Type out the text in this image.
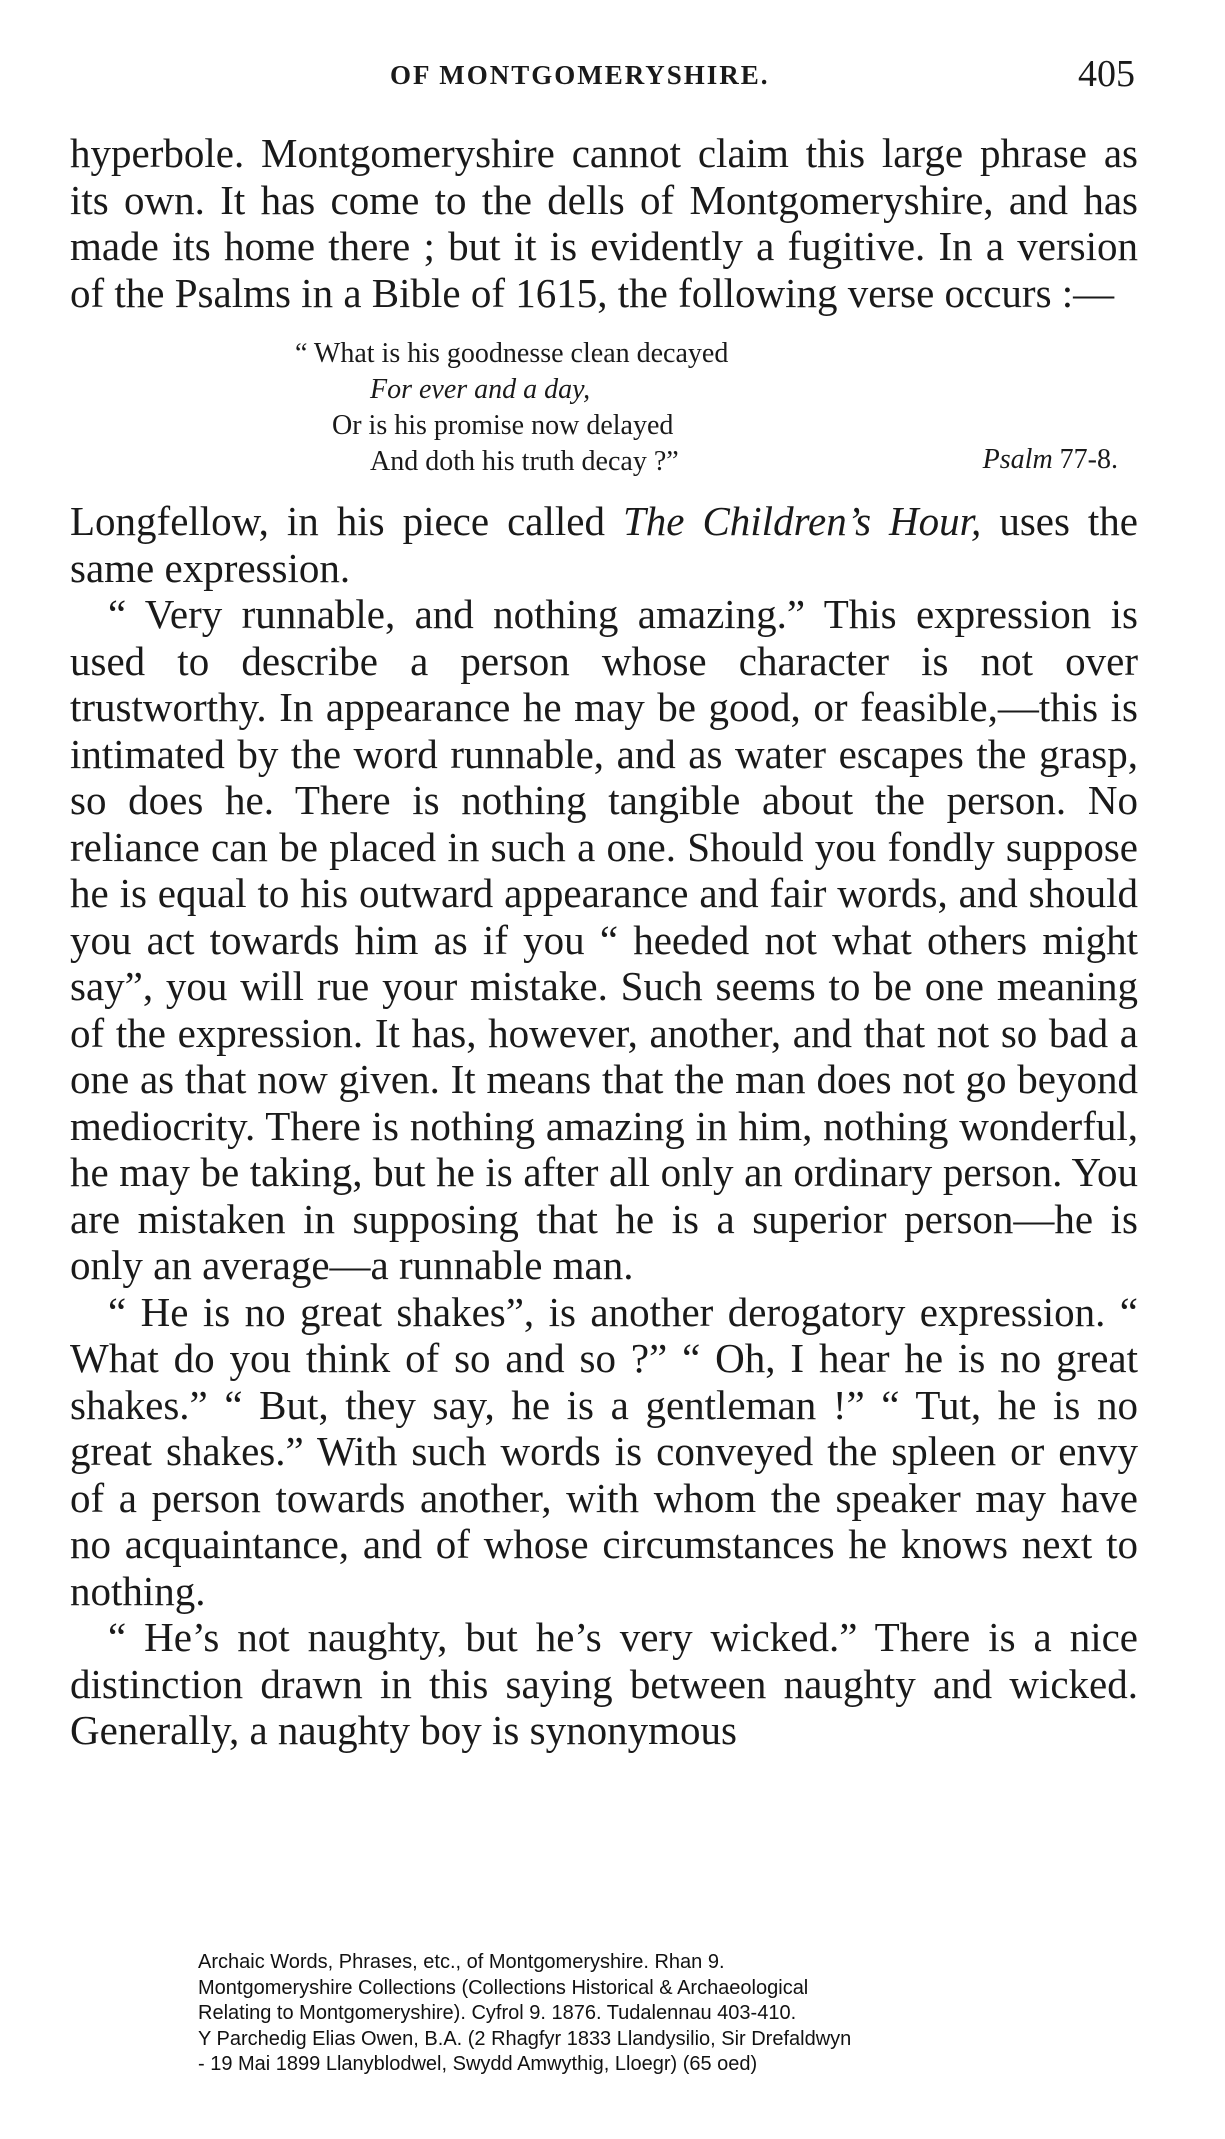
OF MONTGOMERYSHIRE.	405

hyperbole. Montgomeryshire cannot claim this large phrase as its own. It has come to the dells of Montgomeryshire, and has made its home there ; but it is evidently a fugitive. In a version of the Psalms in a Bible of 1615, the following verse occurs :—

“ What is his goodnesse clean decayed
For ever and a day,
Or is his promise now delayed
And doth his truth decay ?”	Psalm 77-8.

Longfellow, in his piece called The Children’s Hour, uses the same expression.

“ Very runnable, and nothing amazing.” This expression is used to describe a person whose character is not over trustworthy. In appearance he may be good, or feasible,—this is intimated by the word runnable, and as water escapes the grasp, so does he. There is nothing tangible about the person. No reliance can be placed in such a one. Should you fondly suppose he is equal to his outward appearance and fair words, and should you act towards him as if you “ heeded not what others might say”, you will rue your mistake. Such seems to be one meaning of the expression. It has, however, another, and that not so bad a one as that now given. It means that the man does not go beyond mediocrity. There is nothing amazing in him, nothing wonderful, he may be taking, but he is after all only an ordinary person. You are mistaken in supposing that he is a superior person—he is only an average—a runnable man.

“ He is no great shakes”, is another derogatory expression. “ What do you think of so and so ?” “ Oh, I hear he is no great shakes.” “ But, they say, he is a gentleman !” “ Tut, he is no great shakes.” With such words is conveyed the spleen or envy of a person towards another, with whom the speaker may have no acquaintance, and of whose circumstances he knows next to nothing.

“ He’s not naughty, but he’s very wicked.” There is a nice distinction drawn in this saying between naughty and wicked. Generally, a naughty boy is synonymous

Archaic Words, Phrases, etc., of Montgomeryshire. Rhan 9.
Montgomeryshire Collections (Collections Historical & Archaeological
Relating to Montgomeryshire). Cyfrol 9. 1876. Tudalennau 403-410.
Y Parchedig Elias Owen, B.A. (2 Rhagfyr 1833 Llandysilio, Sir Drefaldwyn
- 19 Mai 1899 Llanyblodwel, Swydd Amwythig, Lloegr) (65 oed)
